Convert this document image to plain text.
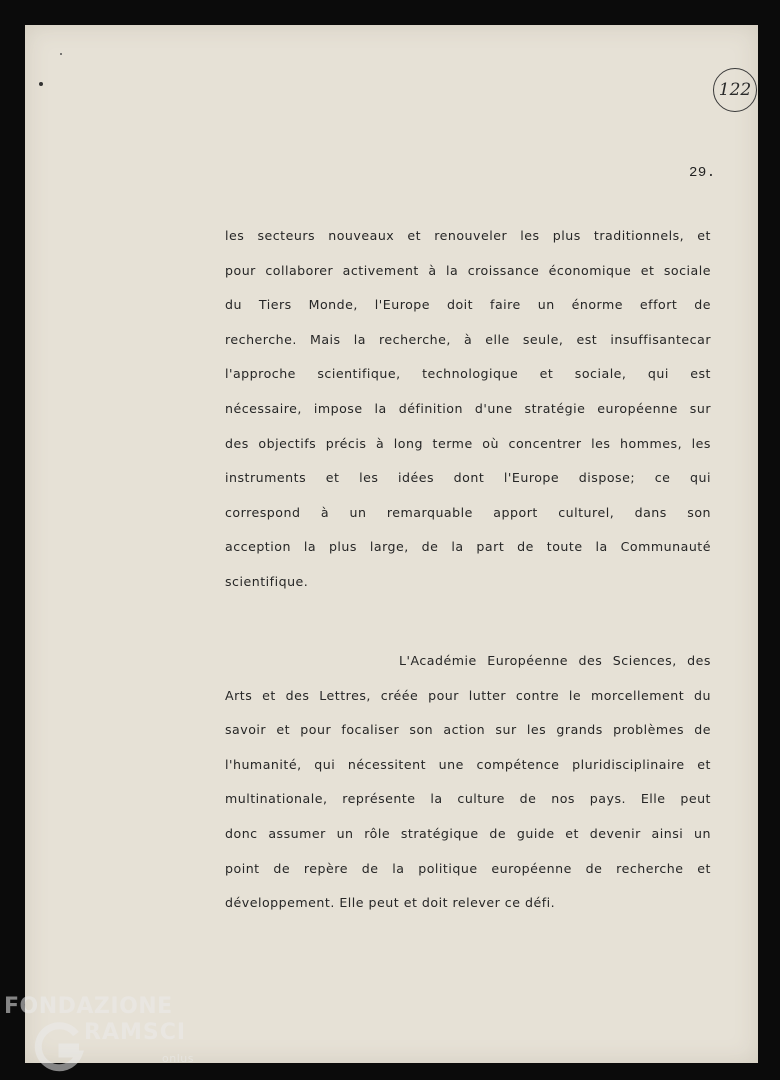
122
29.
les secteurs nouveaux et renouveler les plus traditionnels, et
pour collaborer activement à la croissance économique et sociale
du Tiers Monde, l'Europe doit faire un énorme effort de
recherche. Mais la recherche, à elle seule, est insuffisantecar
l'approche scientifique, technologique et sociale, qui est
nécessaire, impose la définition d'une stratégie européenne sur
des objectifs précis à long terme où concentrer les hommes, les
instruments et les idées dont l'Europe dispose; ce qui
correspond à un remarquable apport culturel, dans son
acception la plus large, de la part de toute la Communauté
scientifique.
L'Académie Européenne des Sciences, des
Arts et des Lettres, créée pour lutter contre le morcellement du
savoir et pour focaliser son action sur les grands problèmes de
l'humanité, qui nécessitent une compétence pluridisciplinaire et
multinationale, représente la culture de nos pays. Elle peut
donc assumer un rôle stratégique de guide et devenir ainsi un
point de repère de la politique européenne de recherche et
développement. Elle peut et doit relever ce défi.
FONDAZIONE
RAMSCI
onlus
